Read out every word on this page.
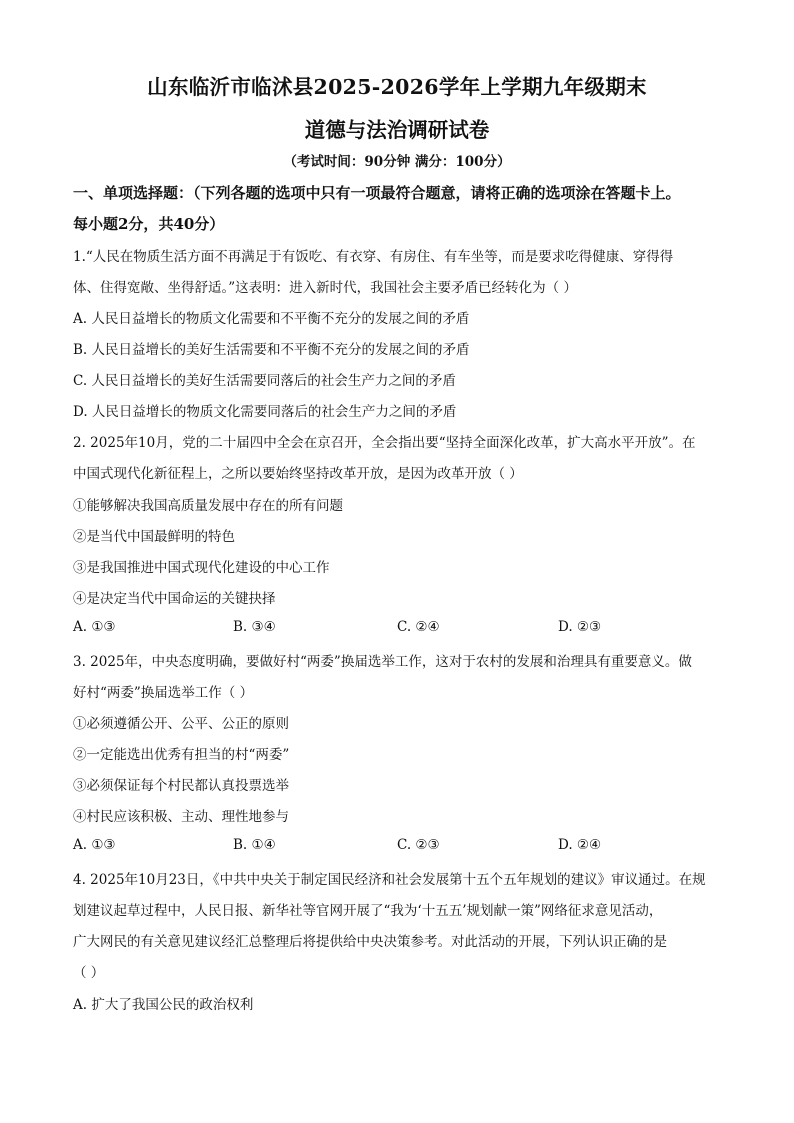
山东临沂市临沭县2025-2026学年上学期九年级期末
道德与法治调研试卷
（考试时间：90分钟 满分：100分）
一、单项选择题：（下列各题的选项中只有一项最符合题意，请将正确的选项涂在答题卡上。
每小题2分，共40分）
1.“人民在物质生活方面不再满足于有饭吃、有衣穿、有房住、有车坐等，而是要求吃得健康、穿得得
体、住得宽敞、坐得舒适。”这表明：进入新时代，我国社会主要矛盾已经转化为（ ）
A. 人民日益增长的物质文化需要和不平衡不充分的发展之间的矛盾
B. 人民日益增长的美好生活需要和不平衡不充分的发展之间的矛盾
C. 人民日益增长的美好生活需要同落后的社会生产力之间的矛盾
D. 人民日益增长的物质文化需要同落后的社会生产力之间的矛盾
2. 2025年10月，党的二十届四中全会在京召开，全会指出要“坚持全面深化改革，扩大高水平开放”。在
中国式现代化新征程上，之所以要始终坚持改革开放，是因为改革开放（ ）
①能够解决我国高质量发展中存在的所有问题
②是当代中国最鲜明的特色
③是我国推进中国式现代化建设的中心工作
④是决定当代中国命运的关键抉择
A. ①③	B. ③④	C. ②④	D. ②③
3. 2025年，中央态度明确，要做好村“两委”换届选举工作，这对于农村的发展和治理具有重要意义。做
好村“两委”换届选举工作（ ）
①必须遵循公开、公平、公正的原则
②一定能选出优秀有担当的村“两委”
③必须保证每个村民都认真投票选举
④村民应该积极、主动、理性地参与
A. ①③	B. ①④	C. ②③	D. ②④
4. 2025年10月23日，《中共中央关于制定国民经济和社会发展第十五个五年规划的建议》审议通过。在规
划建议起草过程中，人民日报、新华社等官网开展了“我为‘十五五’规划献一策”网络征求意见活动，
广大网民的有关意见建议经汇总整理后将提供给中央决策参考。对此活动的开展，下列认识正确的是
（ ）
A. 扩大了我国公民的政治权利
